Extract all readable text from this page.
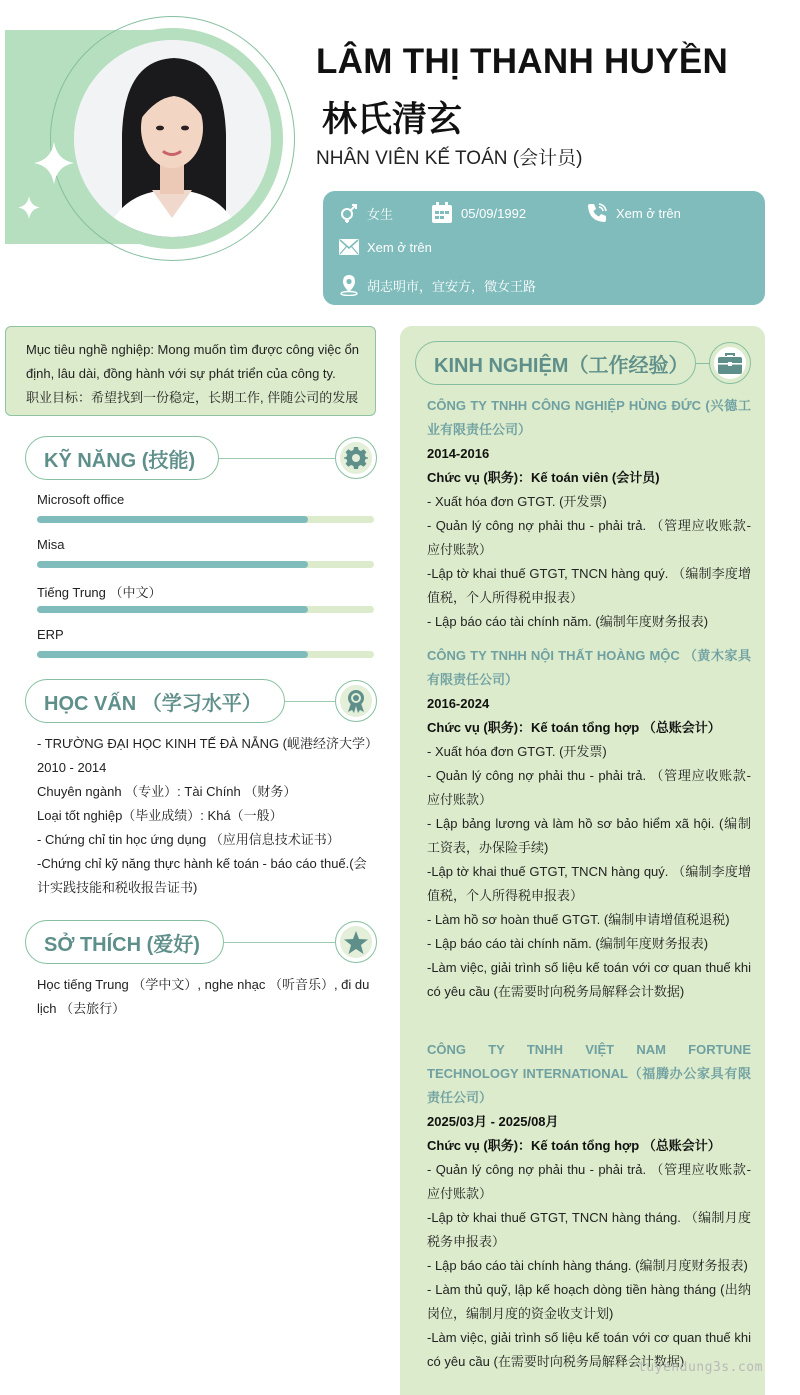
LÂM THỊ THANH HUYỀN
林氏清玄
NHÂN VIÊN KẾ TOÁN (会计员)
女生	05/09/1992	Xem ở trên
Xem ở trên
胡志明市，宜安方，徵女王路
Mục tiêu nghề nghiệp: Mong muốn tìm được công việc ổn
định, lâu dài, đồng hành với sự phát triển của công ty.
职业目标：希望找到一份稳定，长期工作, 伴随公司的发展
KỸ NĂNG (技能)
Microsoft office
Misa
Tiếng Trung （中文）
ERP
HỌC VẤN （学习水平）
- TRƯỜNG ĐẠI HỌC KINH TẾ ĐÀ NẴNG (岘港经济大学）
2010 - 2014
Chuyên ngành （专业）: Tài Chính （财务）
Loại tốt nghiệp（毕业成绩）: Khá（一般）
- Chứng chỉ tin học ứng dụng （应用信息技术证书）
-Chứng chỉ kỹ năng thực hành kế toán - báo cáo thuế.(会计实践技能和税收报告证书)
SỞ THÍCH (爱好)
Học tiếng Trung （学中文）, nghe nhạc （听音乐）, đi du lịch （去旅行）
KINH NGHIỆM（工作经验）
CÔNG TY TNHH CÔNG NGHIỆP HÙNG ĐỨC (兴德工业有限责任公司）
2014-2016
Chức vụ (职务)：Kế toán viên (会计员)
- Xuất hóa đơn GTGT. (开发票)
- Quản lý công nợ phải thu - phải trả. （管理应收账款-应付账款）
-Lập tờ khai thuế GTGT, TNCN hàng quý. （编制李度增值税，个人所得税申报表）
- Lập báo cáo tài chính năm. (编制年度财务报表)
CÔNG TY TNHH NỘI THẤT HOÀNG MỘC （黄木家具有限责任公司）
2016-2024
Chức vụ (职务)：Kế toán tổng hợp （总账会计）
- Xuất hóa đơn GTGT. (开发票)
- Quản lý công nợ phải thu - phải trả. （管理应收账款-应付账款）
- Lập bảng lương và làm hồ sơ bảo hiểm xã hội. (编制工资表，办保险手续)
-Lập tờ khai thuế GTGT, TNCN hàng quý. （编制李度增值税，个人所得税申报表）
- Làm hồ sơ hoàn thuế GTGT. (编制申请增值税退税)
- Lập báo cáo tài chính năm. (编制年度财务报表)
-Làm việc, giải trình số liệu kế toán với cơ quan thuế khi có yêu cầu (在需要时向税务局解释会计数据)
CÔNG TY TNHH VIỆT NAM FORTUNE TECHNOLOGY INTERNATIONAL（福腾办公家具有限责任公司）
2025/03月 - 2025/08月
Chức vụ (职务)：Kế toán tổng hợp （总账会计）
- Quản lý công nợ phải thu - phải trả. （管理应收账款-应付账款）
-Lập tờ khai thuế GTGT, TNCN hàng tháng. （编制月度税务申报表）
- Lập báo cáo tài chính hàng tháng. (编制月度财务报表)
- Làm thủ quỹ, lập kế hoạch dòng tiền hàng tháng (出纳岗位，编制月度的资金收支计划)
-Làm việc, giải trình số liệu kế toán với cơ quan thuế khi có yêu cầu (在需要时向税务局解释会计数据)
tuyendung3s.com
